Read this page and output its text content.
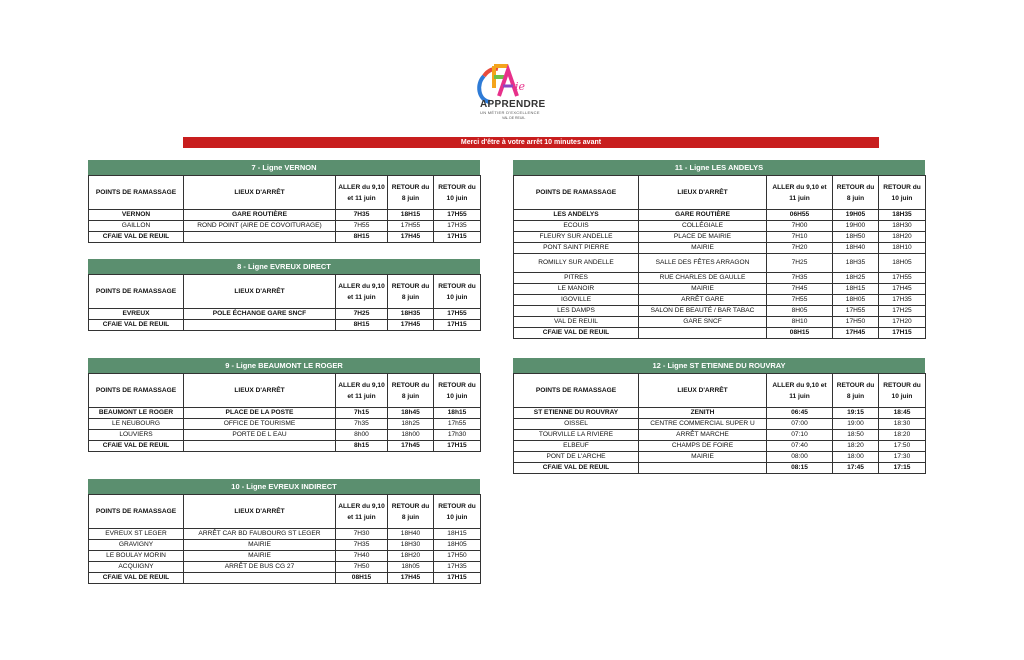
ie
APPRENDRE
UN MÉTIER D'EXCELLENCE
VAL DE REUIL
Merci d'être à votre arrêt 10 minutes avant
7 - Ligne VERNON
POINTS DE RAMASSAGE	LIEUX D'ARRÊT	ALLER du 9,10 et 11 juin	RETOUR du 8 juin	RETOUR du 10 juin
VERNON	GARE ROUTIÈRE	7H35	18H15	17H55
GAILLON	ROND POINT (AIRE DE COVOITURAGE)	7H55	17H55	17H35
CFAIE VAL DE REUIL		8H15	17H45	17H15
8 - Ligne EVREUX DIRECT
POINTS DE RAMASSAGE	LIEUX D'ARRÊT	ALLER du 9,10 et 11 juin	RETOUR du 8 juin	RETOUR du 10 juin
EVREUX	POLE ÉCHANGE GARE SNCF	7H25	18H35	17H55
CFAIE VAL DE REUIL		8H15	17H45	17H15
9 - Ligne BEAUMONT LE ROGER
POINTS DE RAMASSAGE	LIEUX D'ARRÊT	ALLER du 9,10 et 11 juin	RETOUR du 8 juin	RETOUR du 10 juin
BEAUMONT LE ROGER	PLACE DE LA POSTE	7h15	18h45	18h15
LE NEUBOURG	OFFICE DE TOURISME	7h35	18h25	17h55
LOUVIERS	PORTE DE L EAU	8h00	18h00	17h30
CFAIE VAL DE REUIL		8h15	17h45	17H15
10 - Ligne EVREUX INDIRECT
POINTS DE RAMASSAGE	LIEUX D'ARRÊT	ALLER du 9,10 et 11 juin	RETOUR du 8 juin	RETOUR du 10 juin
EVREUX ST LEGER	ARRÊT CAR BD FAUBOURG ST LEGER	7H30	18H40	18H15
GRAVIGNY	MAIRIE	7H35	18H30	18H05
LE BOULAY MORIN	MAIRIE	7H40	18H20	17H50
ACQUIGNY	ARRÊT DE BUS CG 27	7H50	18h05	17H35
CFAIE VAL DE REUIL		08H15	17H45	17H15
11 - Ligne LES ANDELYS
POINTS DE RAMASSAGE	LIEUX D'ARRÊT	ALLER du 9,10 et 11 juin	RETOUR du 8 juin	RETOUR du 10 juin
LES ANDELYS	GARE ROUTIÈRE	06H55	19H05	18H35
ECOUIS	COLLÉGIALE	7H00	19H00	18H30
FLEURY SUR ANDELLE	PLACE DE MAIRIE	7H10	18H50	18H20
PONT SAINT PIERRE	MAIRIE	7H20	18H40	18H10
ROMILLY SUR ANDELLE	SALLE DES FÊTES ARRAGON	7H25	18H35	18H05
PITRES	RUE CHARLES DE GAULLE	7H35	18H25	17H55
LE MANOIR	MAIRIE	7H45	18H15	17H45
IGOVILLE	ARRÊT GARE	7H55	18H05	17H35
LES DAMPS	SALON DE BEAUTÉ / BAR TABAC	8H05	17H55	17H25
VAL DE REUIL	GARE SNCF	8H10	17H50	17H20
CFAIE VAL DE REUIL		08H15	17H45	17H15
12 - Ligne ST ETIENNE DU ROUVRAY
POINTS DE RAMASSAGE	LIEUX D'ARRÊT	ALLER du 9,10 et 11 juin	RETOUR du 8 juin	RETOUR du 10 juin
ST ETIENNE DU ROUVRAY	ZENITH	06:45	19:15	18:45
OISSEL	CENTRE COMMERCIAL SUPER U	07:00	19:00	18:30
TOURVILLE LA RIVIERE	ARRÊT MARCHE	07:10	18:50	18:20
ELBEUF	CHAMPS DE FOIRE	07:40	18:20	17:50
PONT DE L'ARCHE	MAIRIE	08:00	18:00	17:30
CFAIE VAL DE REUIL		08:15	17:45	17:15
